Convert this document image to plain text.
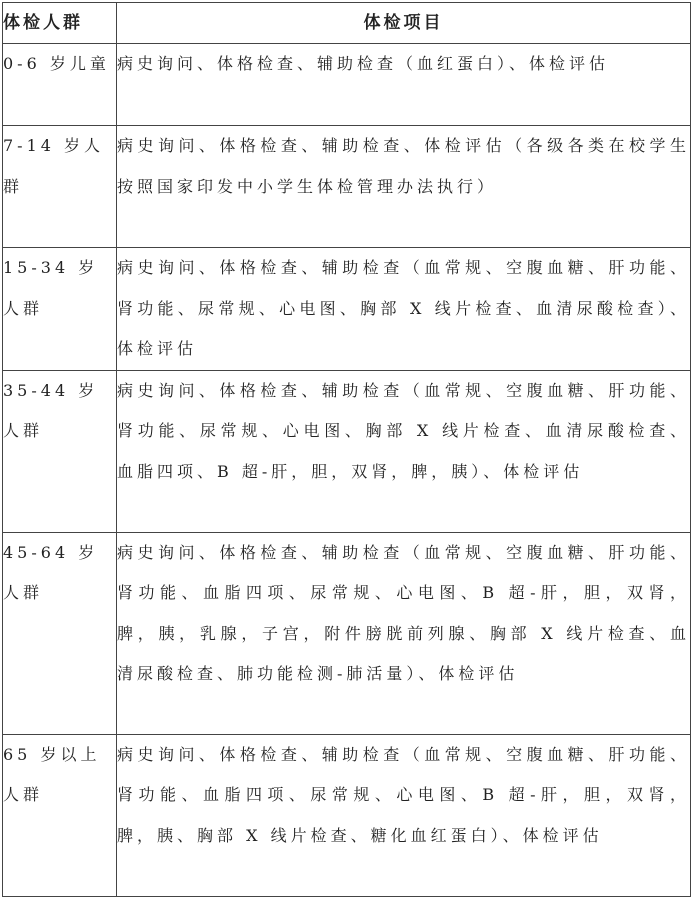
体检人群	体检项目
0-6 岁儿童	病史询问、体格检查、辅助检查（血红蛋白）、体检评估
7-14 岁人群	病史询问、体格检查、辅助检查、体检评估（各级各类在校学生按照国家印发中小学生体检管理办法执行）
15-34 岁人群	病史询问、体格检查、辅助检查（血常规、空腹血糖、肝功能、肾功能、尿常规、心电图、胸部 X 线片检查、血清尿酸检查）、体检评估
35-44 岁人群	病史询问、体格检查、辅助检查（血常规、空腹血糖、肝功能、肾功能、尿常规、心电图、胸部 X 线片检查、血清尿酸检查、血脂四项、B 超-肝，胆，双肾，脾，胰）、体检评估
45-64 岁人群	病史询问、体格检查、辅助检查（血常规、空腹血糖、肝功能、肾功能、血脂四项、尿常规、心电图、B 超-肝，胆，双肾，脾，胰，乳腺，子宫，附件膀胱前列腺、胸部 X 线片检查、血清尿酸检查、肺功能检测-肺活量）、体检评估
65 岁以上人群	病史询问、体格检查、辅助检查（血常规、空腹血糖、肝功能、肾功能、血脂四项、尿常规、心电图、B 超-肝，胆，双肾，脾，胰、胸部 X 线片检查、糖化血红蛋白）、体检评估
